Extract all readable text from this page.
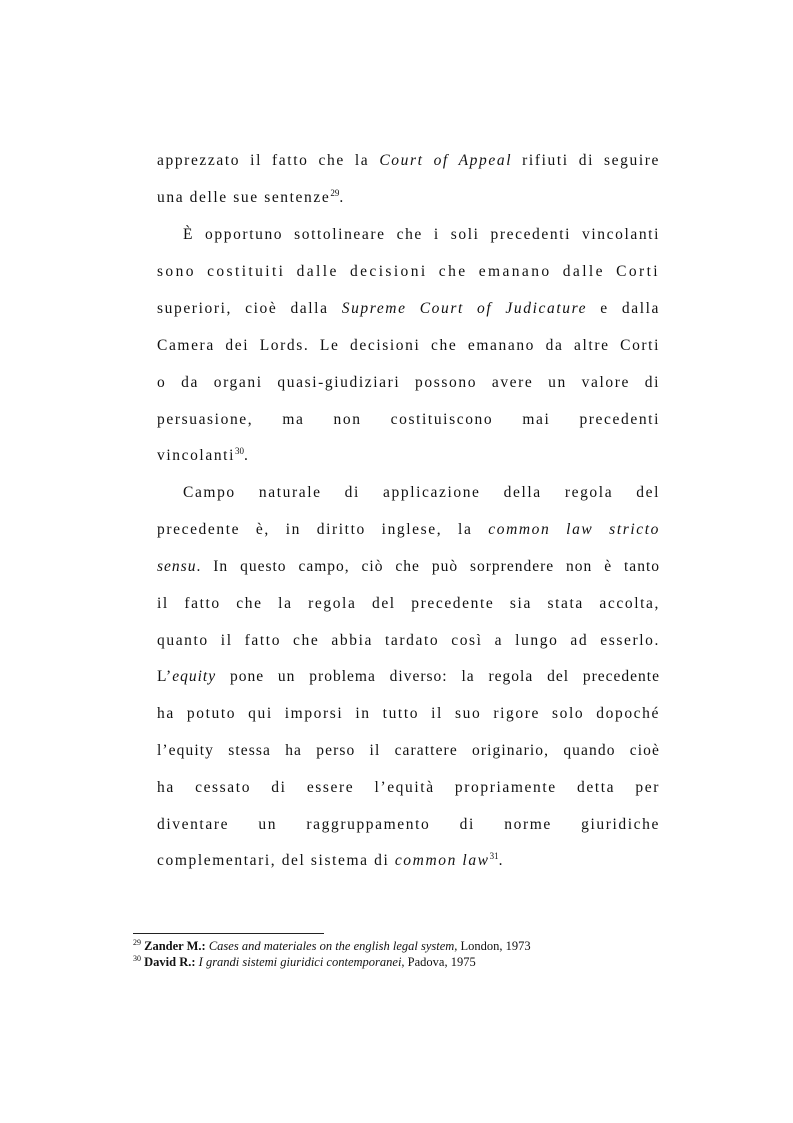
apprezzato il fatto che la Court of Appeal rifiuti di seguire
una delle sue sentenze$^{29}$.
È opportuno sottolineare che i soli precedenti vincolanti
sono costituiti dalle decisioni che emanano dalle Corti
superiori, cioè dalla Supreme Court of Judicature e dalla
Camera dei Lords. Le decisioni che emanano da altre Corti
o da organi quasi-giudiziari possono avere un valore di
persuasione, ma non costituiscono mai precedenti
vincolanti$^{30}$.
Campo naturale di applicazione della regola del
precedente è, in diritto inglese, la common law stricto
sensu. In questo campo, ciò che può sorprendere non è tanto
il fatto che la regola del precedente sia stata accolta,
quanto il fatto che abbia tardato così a lungo ad esserlo.
L’equity pone un problema diverso: la regola del precedente
ha potuto qui imporsi in tutto il suo rigore solo dopoché
l’equity stessa ha perso il carattere originario, quando cioè
ha cessato di essere l’equità propriamente detta per
diventare un raggruppamento di norme giuridiche
complementari, del sistema di common law$^{31}$.
$^{29}$ Zander M.: Cases and materiales on the english legal system, London, 1973
$^{30}$ David R.: I grandi sistemi giuridici contemporanei, Padova, 1975
